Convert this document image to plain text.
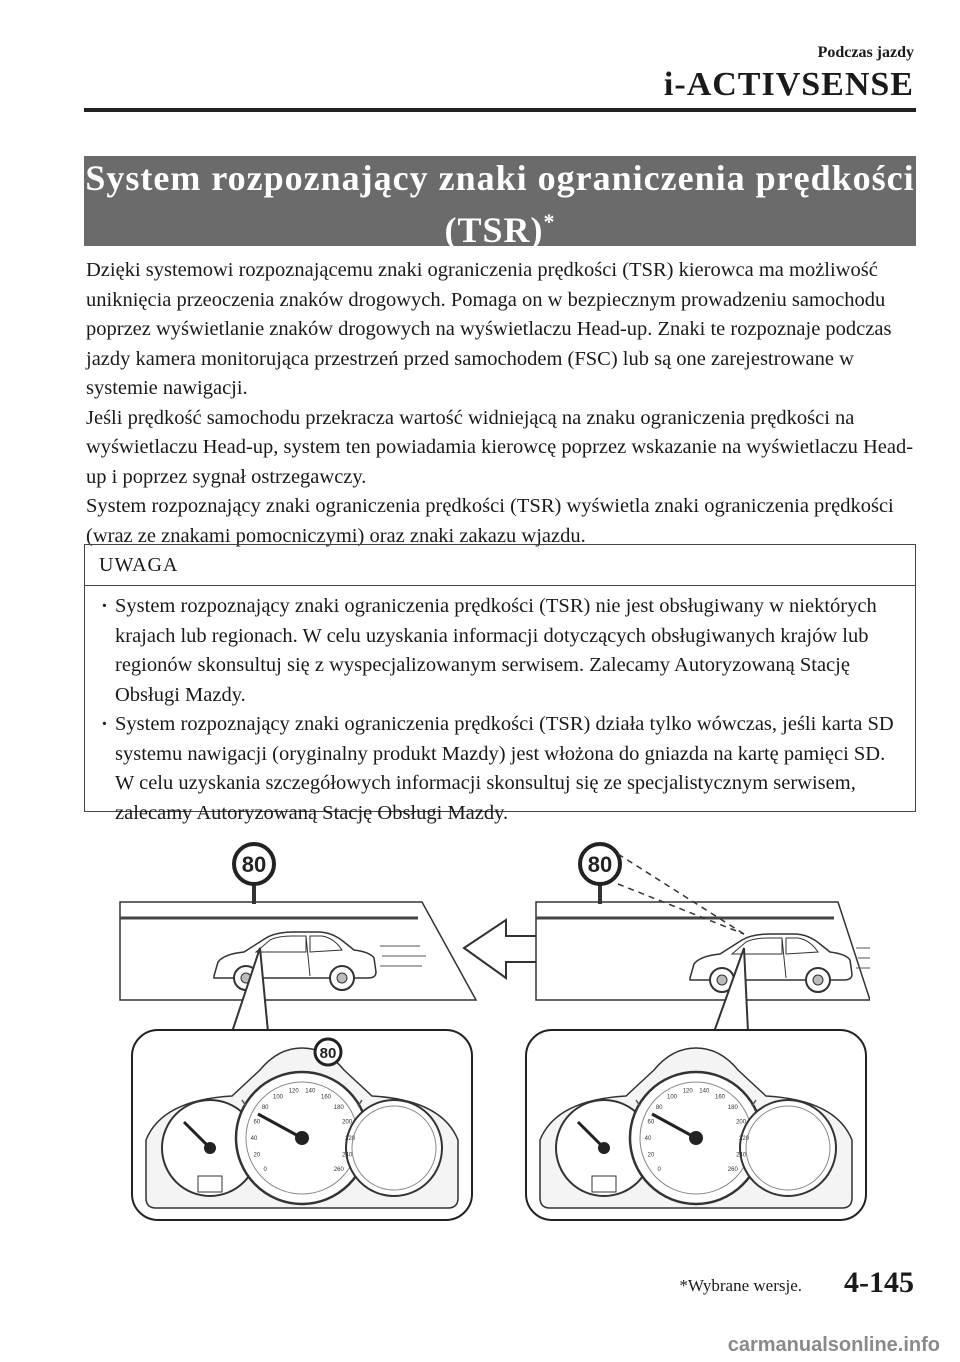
Podczas jazdy
i-ACTIVSENSE
System rozpoznający znaki ograniczenia prędkości
(TSR)*

Dzięki systemowi rozpoznającemu znaki ograniczenia prędkości (TSR) kierowca ma możliwość uniknięcia przeoczenia znaków drogowych. Pomaga on w bezpiecznym prowadzeniu samochodu poprzez wyświetlanie znaków drogowych na wyświetlaczu Head-up. Znaki te rozpoznaje podczas jazdy kamera monitorująca przestrzeń przed samochodem (FSC) lub są one zarejestrowane w systemie nawigacji.

Jeśli prędkość samochodu przekracza wartość widniejącą na znaku ograniczenia prędkości na wyświetlaczu Head-up, system ten powiadamia kierowcę poprzez wskazanie na wyświetlaczu Head-up i poprzez sygnał ostrzegawczy.

System rozpoznający znaki ograniczenia prędkości (TSR) wyświetla znaki ograniczenia prędkości (wraz ze znakami pomocniczymi) oraz znaki zakazu wjazdu.

UWAGA
· System rozpoznający znaki ograniczenia prędkości (TSR) nie jest obsługiwany w niektórych krajach lub regionach. W celu uzyskania informacji dotyczących obsługiwanych krajów lub regionów skonsultuj się z wyspecjalizowanym serwisem. Zalecamy Autoryzowaną Stację Obsługi Mazdy.
· System rozpoznający znaki ograniczenia prędkości (TSR) działa tylko wówczas, jeśli karta SD systemu nawigacji (oryginalny produkt Mazdy) jest włożona do gniazda na kartę pamięci SD. W celu uzyskania szczegółowych informacji skonsultuj się ze specjalistycznym serwisem, zalecamy Autoryzowaną Stację Obsługi Mazdy.
80	80
0
20
40
60
80
100
120 140
160
180
200
220
240
260	0
20
40
60
80
100
120 140
160
180
200
220
240
260
80
*Wybrane wersje. 4-145
carmanualsonline.info
